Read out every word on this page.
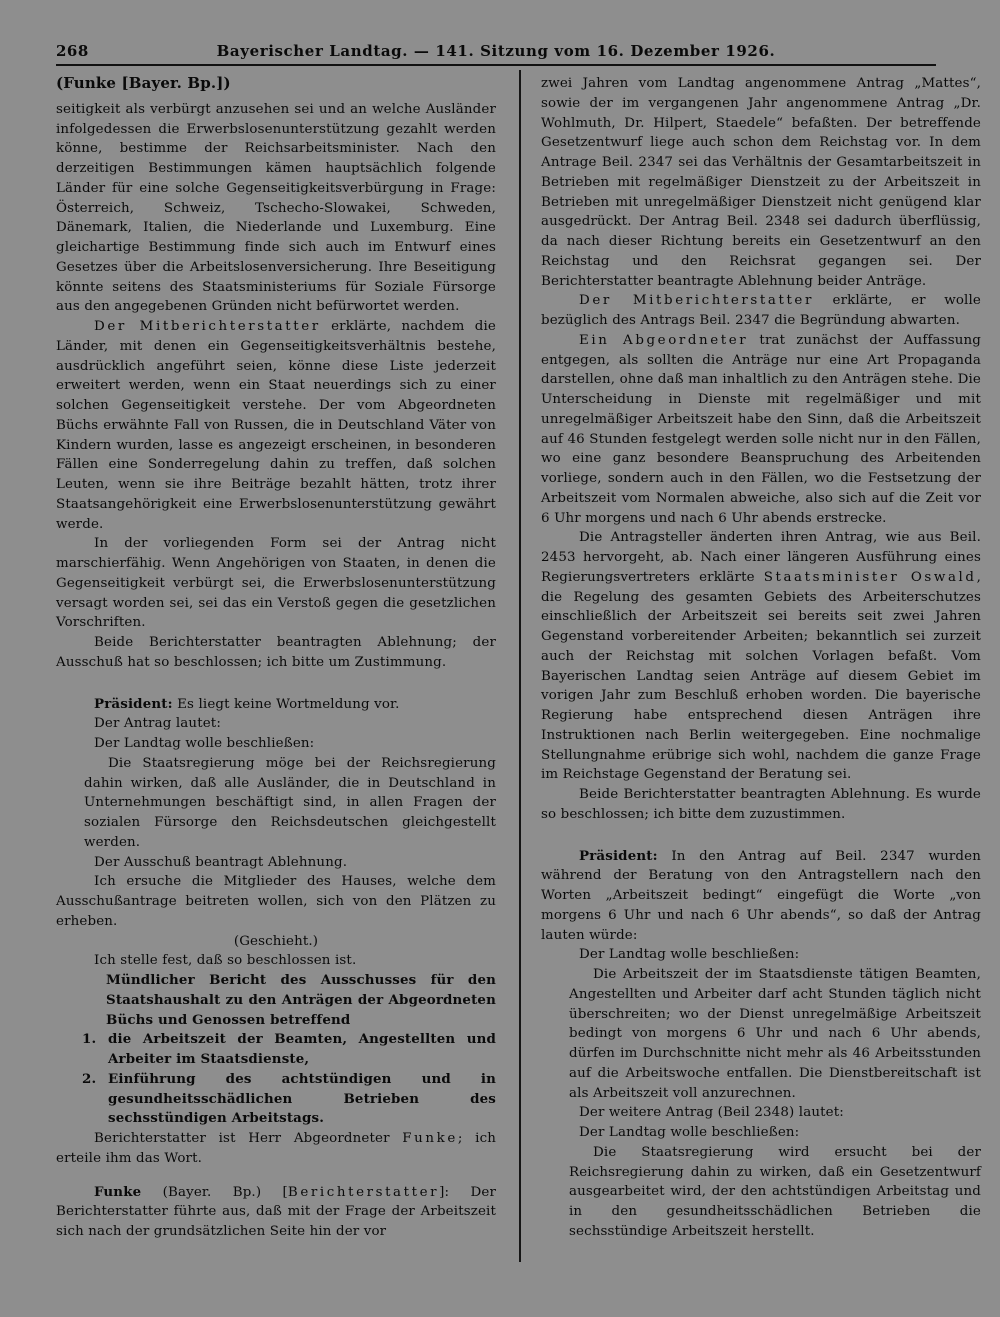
268	Bayerischer Landtag. — 141. Sitzung vom 16. Dezember 1926.

(Funke [Bayer. Bp.])

seitigkeit als verbürgt anzusehen sei und an welche Ausländer infolgedessen die Erwerbslosenunterstützung gezahlt werden könne, bestimme der Reichsarbeitsminister. Nach den derzeitigen Bestimmungen kämen hauptsächlich folgende Länder für eine solche Gegenseitigkeitsverbürgung in Frage: Österreich, Schweiz, Tschecho-Slowakei, Schweden, Dänemark, Italien, die Niederlande und Luxemburg. Eine gleichartige Bestimmung finde sich auch im Entwurf eines Gesetzes über die Arbeitslosenversicherung. Ihre Beseitigung könnte seitens des Staatsministeriums für Soziale Fürsorge aus den angegebenen Gründen nicht befürwortet werden.

Der Mitberichterstatter erklärte, nachdem die Länder, mit denen ein Gegenseitigkeitsverhältnis bestehe, ausdrücklich angeführt seien, könne diese Liste jederzeit erweitert werden, wenn ein Staat neuerdings sich zu einer solchen Gegenseitigkeit verstehe. Der vom Abgeordneten Büchs erwähnte Fall von Russen, die in Deutschland Väter von Kindern wurden, lasse es angezeigt erscheinen, in besonderen Fällen eine Sonderregelung dahin zu treffen, daß solchen Leuten, wenn sie ihre Beiträge bezahlt hätten, trotz ihrer Staatsangehörigkeit eine Erwerbslosenunterstützung gewährt werde.

In der vorliegenden Form sei der Antrag nicht marschierfähig. Wenn Angehörigen von Staaten, in denen die Gegenseitigkeit verbürgt sei, die Erwerbslosenunterstützung versagt worden sei, sei das ein Verstoß gegen die gesetzlichen Vorschriften.

Beide Berichterstatter beantragten Ablehnung; der Ausschuß hat so beschlossen; ich bitte um Zustimmung.

Präsident: Es liegt keine Wortmeldung vor.

Der Antrag lautet:

Der Landtag wolle beschließen:

Die Staatsregierung möge bei der Reichsregierung dahin wirken, daß alle Ausländer, die in Deutschland in Unternehmungen beschäftigt sind, in allen Fragen der sozialen Fürsorge den Reichsdeutschen gleichgestellt werden.

Der Ausschuß beantragt Ablehnung.

Ich ersuche die Mitglieder des Hauses, welche dem Ausschußantrage beitreten wollen, sich von den Plätzen zu erheben.

(Geschieht.)

Ich stelle fest, daß so beschlossen ist.

Mündlicher Bericht des Ausschusses für den Staatshaushalt zu den Anträgen der Abgeordneten Büchs und Genossen betreffend

1. die Arbeitszeit der Beamten, Angestellten und Arbeiter im Staatsdienste,
2. Einführung des achtstündigen und in gesundheitsschädlichen Betrieben des sechsstündigen Arbeitstags.

Berichterstatter ist Herr Abgeordneter Funke; ich erteile ihm das Wort.

Funke (Bayer. Bp.) [Berichterstatter]: Der Berichterstatter führte aus, daß mit der Frage der Arbeitszeit sich nach der grundsätzlichen Seite hin der vor

zwei Jahren vom Landtag angenommene Antrag „Mattes“, sowie der im vergangenen Jahr angenommene Antrag „Dr. Wohlmuth, Dr. Hilpert, Staedele“ befaßten. Der betreffende Gesetzentwurf liege auch schon dem Reichstag vor. In dem Antrage Beil. 2347 sei das Verhältnis der Gesamtarbeitszeit in Betrieben mit regelmäßiger Dienstzeit zu der Arbeitszeit in Betrieben mit unregelmäßiger Dienstzeit nicht genügend klar ausgedrückt. Der Antrag Beil. 2348 sei dadurch überflüssig, da nach dieser Richtung bereits ein Gesetzentwurf an den Reichstag und den Reichsrat gegangen sei. Der Berichterstatter beantragte Ablehnung beider Anträge.

Der Mitberichterstatter erklärte, er wolle bezüglich des Antrags Beil. 2347 die Begründung abwarten.

Ein Abgeordneter trat zunächst der Auffassung entgegen, als sollten die Anträge nur eine Art Propaganda darstellen, ohne daß man inhaltlich zu den Anträgen stehe. Die Unterscheidung in Dienste mit regelmäßiger und mit unregelmäßiger Arbeitszeit habe den Sinn, daß die Arbeitszeit auf 46 Stunden festgelegt werden solle nicht nur in den Fällen, wo eine ganz besondere Beanspruchung des Arbeitenden vorliege, sondern auch in den Fällen, wo die Festsetzung der Arbeitszeit vom Normalen abweiche, also sich auf die Zeit vor 6 Uhr morgens und nach 6 Uhr abends erstrecke.

Die Antragsteller änderten ihren Antrag, wie aus Beil. 2453 hervorgeht, ab. Nach einer längeren Ausführung eines Regierungsvertreters erklärte Staatsminister Oswald, die Regelung des gesamten Gebiets des Arbeiterschutzes einschließlich der Arbeitszeit sei bereits seit zwei Jahren Gegenstand vorbereitender Arbeiten; bekanntlich sei zurzeit auch der Reichstag mit solchen Vorlagen befaßt. Vom Bayerischen Landtag seien Anträge auf diesem Gebiet im vorigen Jahr zum Beschluß erhoben worden. Die bayerische Regierung habe entsprechend diesen Anträgen ihre Instruktionen nach Berlin weitergegeben. Eine nochmalige Stellungnahme erübrige sich wohl, nachdem die ganze Frage im Reichstage Gegenstand der Beratung sei.

Beide Berichterstatter beantragten Ablehnung. Es wurde so beschlossen; ich bitte dem zuzustimmen.

Präsident: In den Antrag auf Beil. 2347 wurden während der Beratung von den Antragstellern nach den Worten „Arbeitszeit bedingt“ eingefügt die Worte „von morgens 6 Uhr und nach 6 Uhr abends“, so daß der Antrag lauten würde:

Der Landtag wolle beschließen:

Die Arbeitszeit der im Staatsdienste tätigen Beamten, Angestellten und Arbeiter darf acht Stunden täglich nicht überschreiten; wo der Dienst unregelmäßige Arbeitszeit bedingt von morgens 6 Uhr und nach 6 Uhr abends, dürfen im Durchschnitte nicht mehr als 46 Arbeitsstunden auf die Arbeitswoche entfallen. Die Dienstbereitschaft ist als Arbeitszeit voll anzurechnen.

Der weitere Antrag (Beil 2348) lautet:

Der Landtag wolle beschließen:

Die Staatsregierung wird ersucht bei der Reichsregierung dahin zu wirken, daß ein Gesetzentwurf ausgearbeitet wird, der den achtstündigen Arbeitstag und in den gesundheitsschädlichen Betrieben die sechsstündige Arbeitszeit herstellt.
